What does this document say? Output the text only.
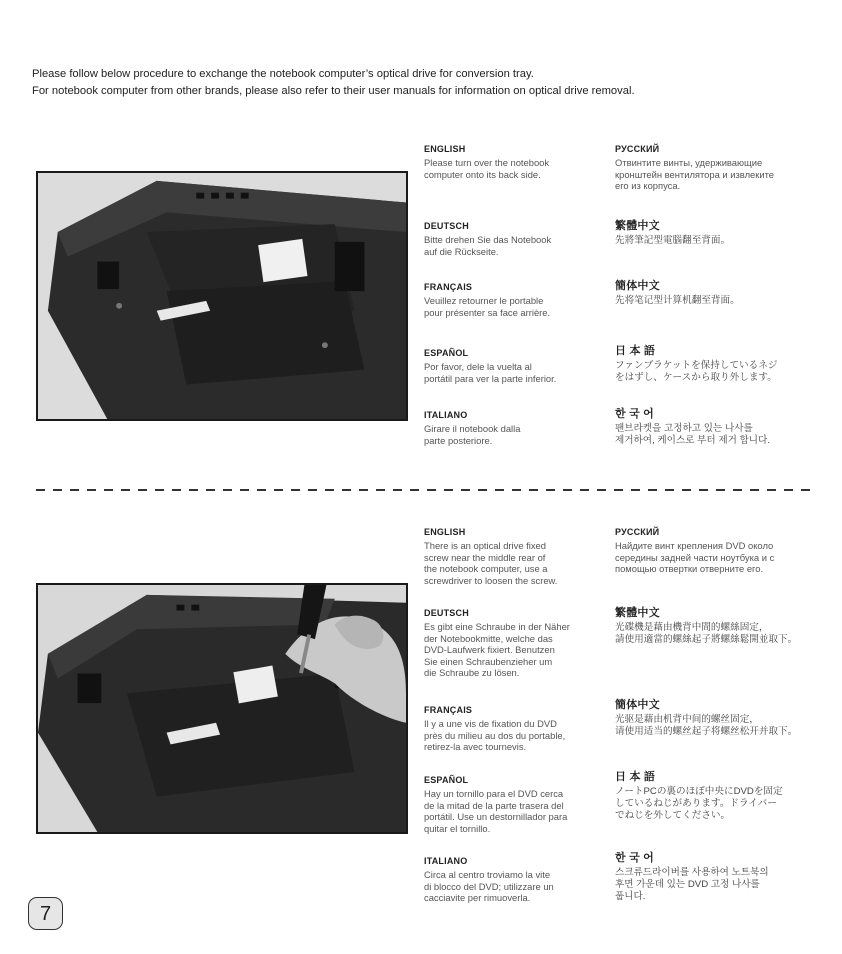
Please follow below procedure to exchange the notebook computer’s optical drive for conversion tray.
For notebook computer from other brands, please also refer to their user manuals for information on optical drive removal.
ENGLISH
Please turn over the notebook
computer onto its back side.
DEUTSCH
Bitte drehen Sie das Notebook
auf die Rückseite.
FRANÇAIS
Veuillez retourner le portable
pour présenter sa face arrière.
ESPAÑOL
Por favor, dele la vuelta al
portátil para ver la parte inferior.
ITALIANO
Girare il notebook dalla
parte posteriore.
РУССКИЙ
Отвинтите винты, удерживающие
кронштейн вентилятора и извлеките
его из корпуса.
繁體中文
先將筆記型電腦翻至背面。
簡体中文
先将笔记型计算机翻至背面。
日 本 語
ファンブラケットを保持しているネジ
をはずし、ケースから取り外します。
한 국 어
팬브라켓을 고정하고 있는 나사를
제거하여, 케이스로 부터 제거 합니다.
ENGLISH
There is an optical drive fixed
screw near the middle rear of
the notebook computer, use a
screwdriver to loosen the screw.
DEUTSCH
Es gibt eine Schraube in der Näher
der Notebookmitte, welche das
DVD-Laufwerk fixiert. Benutzen
Sie einen Schraubenzieher um
die Schraube zu lösen.
FRANÇAIS
Il y a une vis de fixation du DVD
près du milieu au dos du portable,
retirez-la avec tournevis.
ESPAÑOL
Hay un tornillo para el DVD cerca
de la mitad de la parte trasera del
portátil. Use un destornillador para
quitar el tornillo.
ITALIANO
Circa al centro troviamo la vite
di blocco del DVD; utilizzare un
cacciavite per rimuoverla.
РУССКИЙ
Найдите винт крепления DVD около
середины задней части ноутбука и с
помощью отвертки отверните его.
繁體中文
光碟機是藉由機背中間的螺絲固定，
請使用適當的螺絲起子將螺絲鬆開並取下。
簡体中文
光驱是藉由机背中间的螺丝固定，
请使用适当的螺丝起子将螺丝松开并取下。
日 本 語
ノートPCの裏のほぼ中央にDVDを固定
しているねじがあります。ドライバー
でねじを外してください。
한 국 어
스크류드라이버를 사용하여 노트북의
후면 가운데 있는 DVD 고정 나사를
풉니다.
7
